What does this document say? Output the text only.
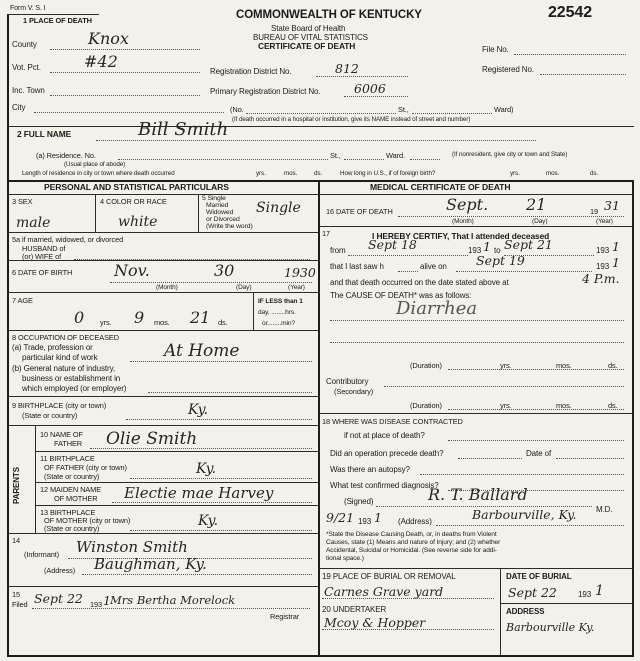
Form V. S. I
1 PLACE OF DEATH	COMMONWEALTH OF KENTUCKY
State Board of Health
BUREAU OF VITAL STATISTICS
CERTIFICATE OF DEATH
22542
File No.
Registered No.
Registration District No.	812
Primary Registration District No.	6006
County	Knox
Vot. Pct.	#42
Inc. Town
City	(No.	St.,	Ward)
(If death occurred in a hospital or institution, give its NAME instead of street and number)
2 FULL NAME	Bill Smith
(a) Residence. No.	St.,	Ward.
(Usual place of abode)
(If nonresident, give city or town and State)
Length of residence in city or town where death occurred	yrs.	mos.	ds.	How long in U.S., if of foreign birth?	yrs.	mos.	ds.
PERSONAL AND STATISTICAL PARTICULARS	MEDICAL CERTIFICATE OF DEATH
3 SEX
male
4 COLOR OR RACE
white
5 Single
Married
Widowed
or Divorced
(Write the word)
Single
5a if married, widowed, or divorced
HUSBAND of
(or) WIFE of
6 DATE OF BIRTH	Nov.	30	1930
(Month)	(Day)	(Year)
7 AGE
0 yrs. 9 mos. 21 ds.
IF LESS than 1
day, ........hrs.
or........min?
8 OCCUPATION OF DECEASED
(a) Trade, profession or
particular kind of work	At Home
(b) General nature of industry,
business or establishment in
which employed (or employer)
9 BIRTHPLACE (city or town)
(State or country)	Ky.
PARENTS
10 NAME OF
FATHER Olie Smith
11 BIRTHPLACE
OF FATHER (city or town)
(State or country)	Ky.
12 MAIDEN NAME
OF MOTHER Electie mae Harvey
13 BIRTHPLACE
OF MOTHER (city or town)
(State or country)	Ky.
14
(Informant) Winston Smith
(Address) Baughman, Ky.
15
Filed Sept 22 193 1 Mrs Bertha Morelock
Registrar
16 DATE OF DEATH	Sept. 21	19 31
(Month)	(Day)	(Year)
17	I HEREBY CERTIFY, That I attended deceased
from Sept 18	193 1 to Sept 21	193 1
that I last saw h	alive on Sept 19	193 1
and that death occurred on the date stated above at	4 P.m.
The CAUSE OF DEATH* was as follows:
Diarrhea
(Duration)	yrs.	mos.	ds.
Contributory
(Secondary)
(Duration)	yrs.	mos.	ds.
18 WHERE WAS DISEASE CONTRACTED
if not at place of death?
Did an operation precede death?	Date of
Was there an autopsy?
What test confirmed diagnosis?
(Signed)	R. T. Ballard
M.D.
9/21 193 1 (Address)	Barbourville, Ky.
*State the Disease Causing Death, or, in deaths from Violent
Causes, state (1) Means and nature of Injury; and (2) whether
Accidental, Suicidal or Homicidal. (See reverse side for addi-
tional space.)
19 PLACE OF BURIAL OR REMOVAL
Carnes Grave yard
20 UNDERTAKER
Mcoy & Hopper
DATE OF BURIAL
Sept 22	193 1
ADDRESS
Barbourville Ky.
